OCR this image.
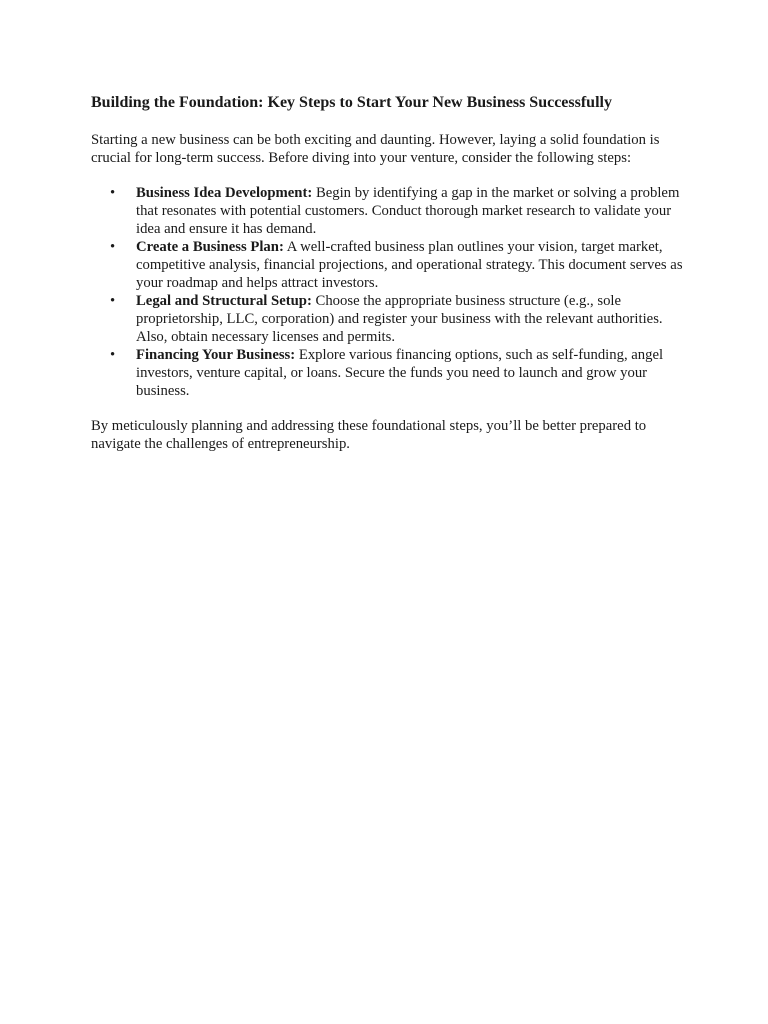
Building the Foundation: Key Steps to Start Your New Business Successfully

Starting a new business can be both exciting and daunting. However, laying a solid foundation is crucial for long-term success. Before diving into your venture, consider the following steps:

• Business Idea Development: Begin by identifying a gap in the market or solving a problem that resonates with potential customers. Conduct thorough market research to validate your idea and ensure it has demand.
• Create a Business Plan: A well-crafted business plan outlines your vision, target market, competitive analysis, financial projections, and operational strategy. This document serves as your roadmap and helps attract investors.
• Legal and Structural Setup: Choose the appropriate business structure (e.g., sole proprietorship, LLC, corporation) and register your business with the relevant authorities. Also, obtain necessary licenses and permits.
• Financing Your Business: Explore various financing options, such as self-funding, angel investors, venture capital, or loans. Secure the funds you need to launch and grow your business.

By meticulously planning and addressing these foundational steps, you’ll be better prepared to navigate the challenges of entrepreneurship.
